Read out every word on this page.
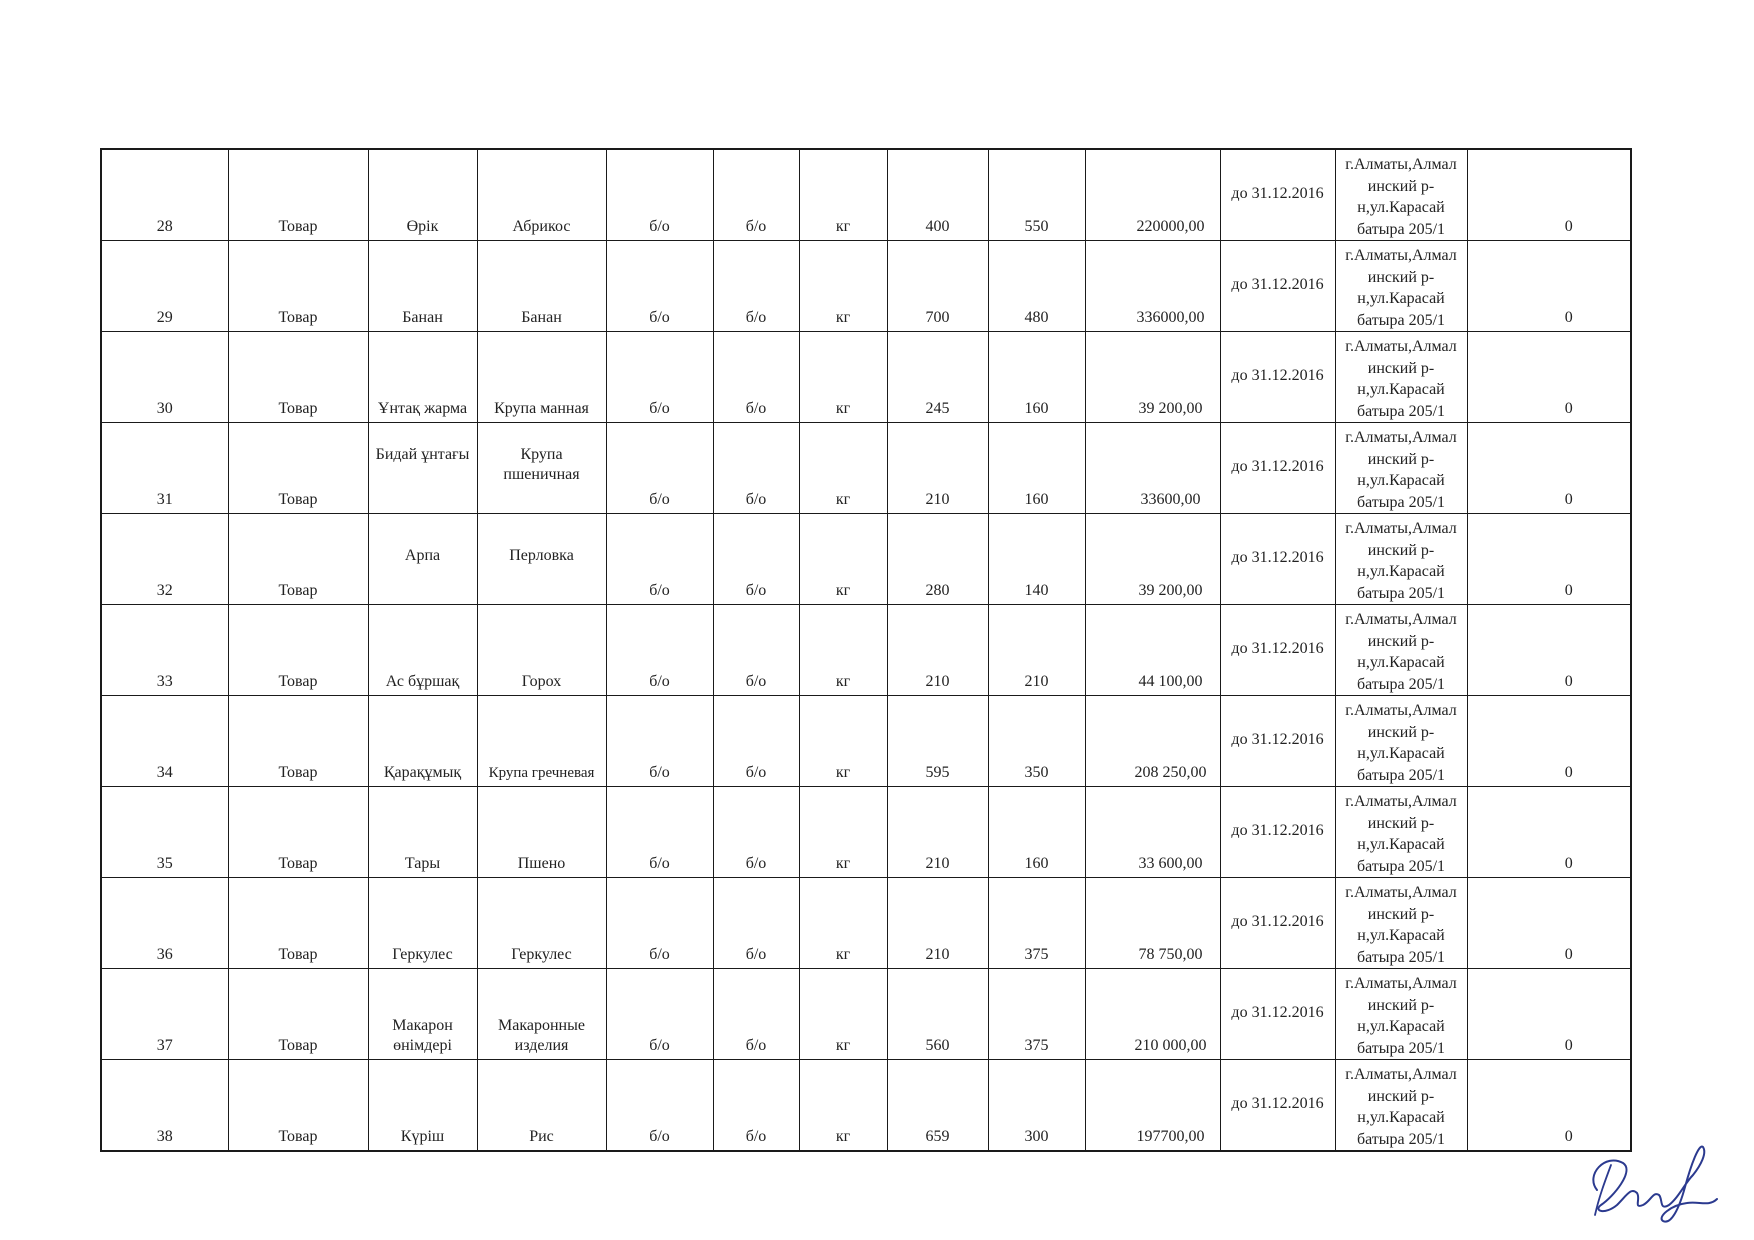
28	Товар	Өрік	Абрикос	б/о	б/о	кг	400	550	220000,00	до 31.12.2016	г.Алматы,Алмал инский р-н,ул.Карасай батыра 205/1	0

29	Товар	Банан	Банан	б/о	б/о	кг	700	480	336000,00	до 31.12.2016	г.Алматы,Алмал инский р-н,ул.Карасай батыра 205/1	0

30	Товар	Ұнтақ жарма	Крупа манная	б/о	б/о	кг	245	160	39 200,00	до 31.12.2016	г.Алматы,Алмал инский р-н,ул.Карасай батыра 205/1	0

31	Товар	Бидай ұнтағы	Крупа пшеничная	б/о	б/о	кг	210	160	33600,00	до 31.12.2016	г.Алматы,Алмал инский р-н,ул.Карасай батыра 205/1	0

32	Товар	Арпа	Перловка	б/о	б/о	кг	280	140	39 200,00	до 31.12.2016	г.Алматы,Алмал инский р-н,ул.Карасай батыра 205/1	0

33	Товар	Ас бұршақ	Горох	б/о	б/о	кг	210	210	44 100,00	до 31.12.2016	г.Алматы,Алмал инский р-н,ул.Карасай батыра 205/1	0

34	Товар	Қарақұмық	Крупа гречневая	б/о	б/о	кг	595	350	208 250,00	до 31.12.2016	г.Алматы,Алмал инский р-н,ул.Карасай батыра 205/1	0

35	Товар	Тары	Пшено	б/о	б/о	кг	210	160	33 600,00	до 31.12.2016	г.Алматы,Алмал инский р-н,ул.Карасай батыра 205/1	0

36	Товар	Геркулес	Геркулес	б/о	б/о	кг	210	375	78 750,00	до 31.12.2016	г.Алматы,Алмал инский р-н,ул.Карасай батыра 205/1	0

37	Товар	Макарон өнімдері	Макаронные изделия	б/о	б/о	кг	560	375	210 000,00	до 31.12.2016	г.Алматы,Алмал инский р-н,ул.Карасай батыра 205/1	0

38	Товар	Күріш	Рис	б/о	б/о	кг	659	300	197700,00	до 31.12.2016	г.Алматы,Алмал инский р-н,ул.Карасай батыра 205/1	0
